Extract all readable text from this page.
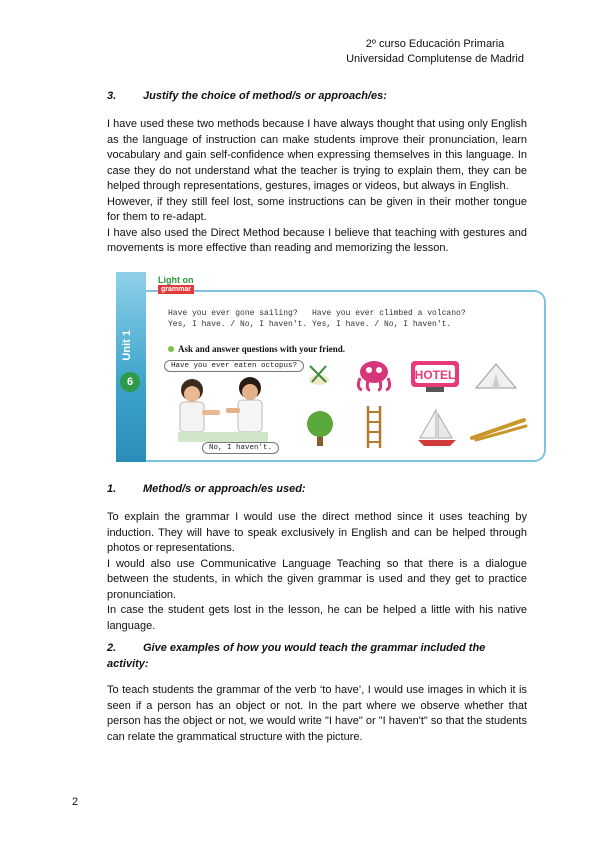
2º curso Educación Primaria
Universidad Complutense de Madrid
3. Justify the choice of method/s or approach/es:

I have used these two methods because I have always thought that using only English as the language of instruction can make students improve their pronunciation, learn vocabulary and gain self-confidence when expressing themselves in this language. In case they do not understand what the teacher is trying to explain them, they can be helped through representations, gestures, images or videos, but always in English.

However, if they still feel lost, some instructions can be given in their mother tongue for them to re-adapt.

I have also used the Direct Method because I believe that teaching with gestures and movements is more effective than reading and memorizing the lesson.

Unit 1
6
Light on
grammar
Have you ever gone sailing?
Yes, I have. / No, I haven't.
Have you ever climbed a volcano?
Yes, I have. / No, I haven't.
Ask and answer questions with your friend.
Have you ever eaten octopus?
No, I haven't.
HOTEL
1. Method/s or approach/es used:

To explain the grammar I would use the direct method since it uses teaching by induction. They will have to speak exclusively in English and can be helped through photos or representations.

I would also use Communicative Language Teaching so that there is a dialogue between the students, in which the given grammar is used and they get to practice pronunciation.

In case the student gets lost in the lesson, he can be helped a little with his native language.

2. Give examples of how you would teach the grammar included the activity:

To teach students the grammar of the verb ‘to have’, I would use images in which it is seen if a person has an object or not. In the part where we observe whether that person has the object or not, we would write "I have" or "I haven't" so that the students can relate the grammatical structure with the picture.

2
